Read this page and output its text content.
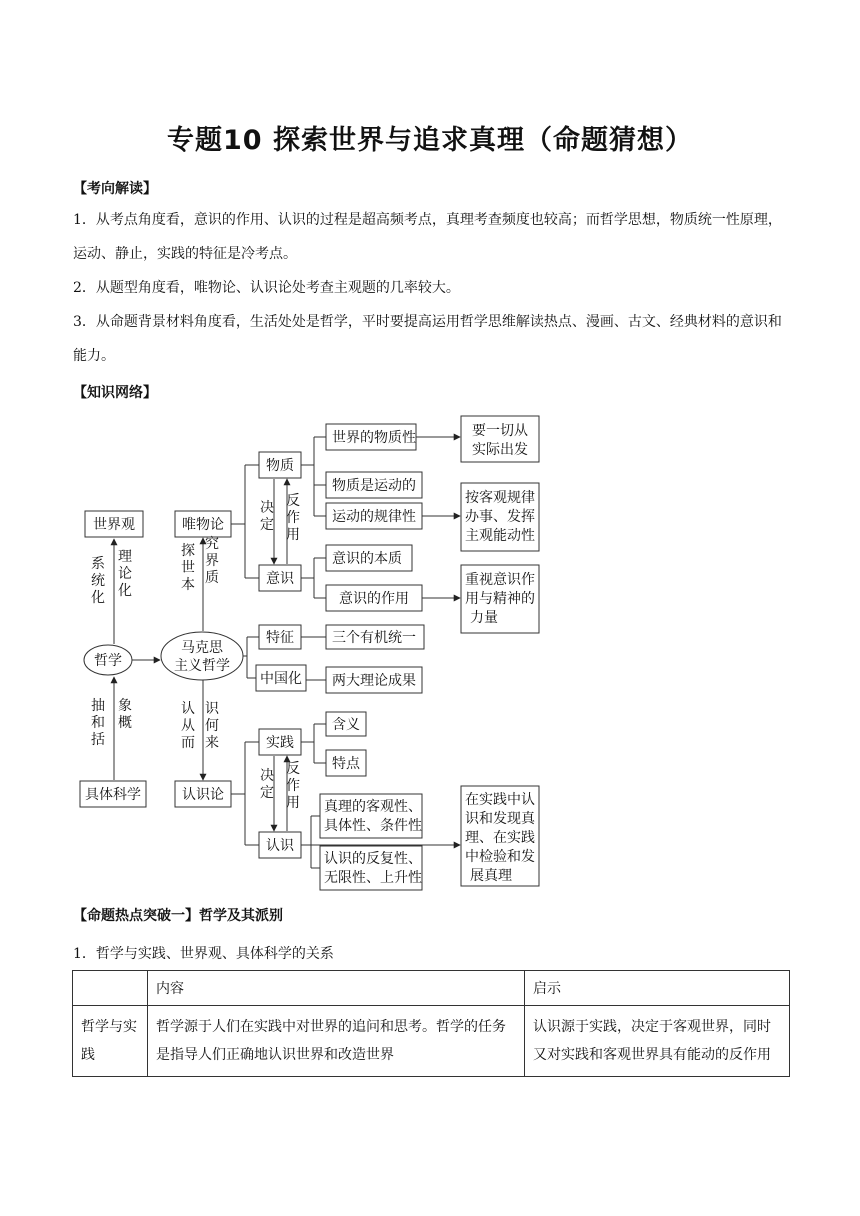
专题10 探索世界与追求真理（命题猜想）
【考向解读】
1．从考点角度看，意识的作用、认识的过程是超高频考点，真理考查频度也较高；而哲学思想，物质统一性原理，运动、静止，实践的特征是冷考点。
2．从题型角度看，唯物论、认识论处考查主观题的几率较大。
3．从命题背景材料角度看，生活处处是哲学，平时要提高运用哲学思维解读热点、漫画、古文、经典材料的意识和能力。
【知识网络】
世界观
具体科学
哲学
马克思
主义哲学
唯物论
认识论
物质
意识
特征
中国化
实践
认识
世界的物质性
物质是运动的
运动的规律性
意识的本质
意识的作用
三个有机统一
两大理论成果
含义
特点
真理的客观性、
具体性、条件性
认识的反复性、
无限性、上升性
要一切从
实际出发
按客观规律
办事、发挥
主观能动性
重视意识作
用与精神的
力量
在实践中认
识和发现真
理、在实践
中检验和发
展真理
系
统
化
理
论
化
抽
和
括
象
概
探
世
本
究
界
质
认
从
而
识
何
来
决
定
反
作
用
决
定
反
作
用
【命题热点突破一】哲学及其派别
1．哲学与实践、世界观、具体科学的关系
	内容	启示
哲学与实践	哲学源于人们在实践中对世界的追问和思考。哲学的任务是指导人们正确地认识世界和改造世界	认识源于实践，决定于客观世界，同时又对实践和客观世界具有能动的反作用
